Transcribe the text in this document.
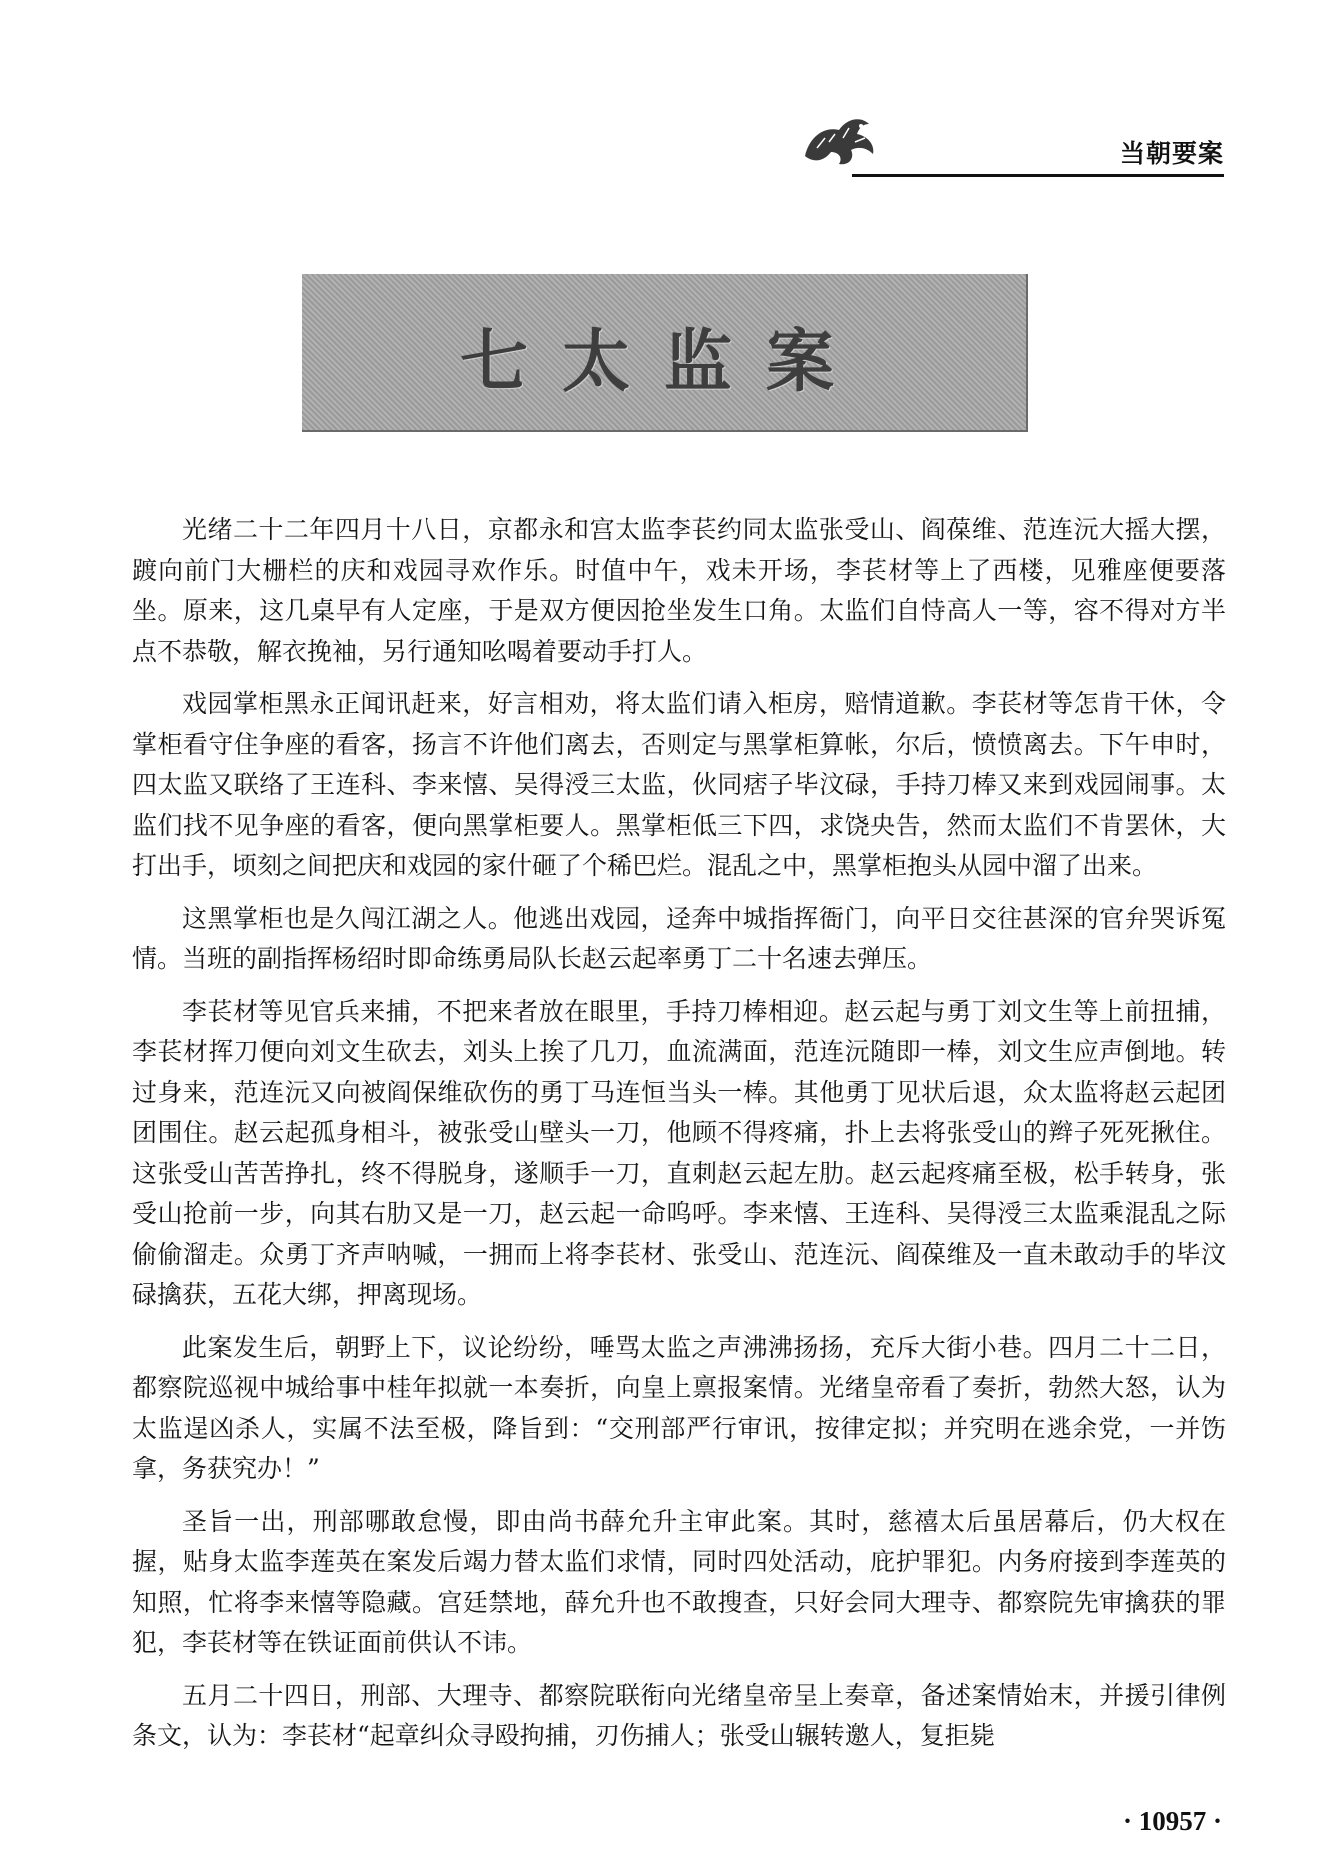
当朝要案
七太监案

光绪二十二年四月十八日，京都永和宫太监李苌约同太监张受山、阎葆维、范连沅大摇大摆，踱向前门大栅栏的庆和戏园寻欢作乐。时值中午，戏未开场，李苌材等上了西楼，见雅座便要落坐。原来，这几桌早有人定座，于是双方便因抢坐发生口角。太监们自恃高人一等，容不得对方半点不恭敬，解衣挽袖，另行通知吆喝着要动手打人。

戏园掌柜黑永正闻讯赶来，好言相劝，将太监们请入柜房，赔情道歉。李苌材等怎肯干休，令掌柜看守住争座的看客，扬言不许他们离去，否则定与黑掌柜算帐，尔后，愤愤离去。下午申时，四太监又联络了王连科、李来憘、吴得涭三太监，伙同痞子毕汶碌，手持刀棒又来到戏园闹事。太监们找不见争座的看客，便向黑掌柜要人。黑掌柜低三下四，求饶央告，然而太监们不肯罢休，大打出手，顷刻之间把庆和戏园的家什砸了个稀巴烂。混乱之中，黑掌柜抱头从园中溜了出来。

这黑掌柜也是久闯江湖之人。他逃出戏园，迳奔中城指挥衙门，向平日交往甚深的官弁哭诉冤情。当班的副指挥杨绍时即命练勇局队长赵云起率勇丁二十名速去弹压。

李苌材等见官兵来捕，不把来者放在眼里，手持刀棒相迎。赵云起与勇丁刘文生等上前扭捕，李苌材挥刀便向刘文生砍去，刘头上挨了几刀，血流满面，范连沅随即一棒，刘文生应声倒地。转过身来，范连沅又向被阎保维砍伤的勇丁马连恒当头一棒。其他勇丁见状后退，众太监将赵云起团团围住。赵云起孤身相斗，被张受山壁头一刀，他顾不得疼痛，扑上去将张受山的辫子死死揪住。这张受山苦苦挣扎，终不得脱身，遂顺手一刀，直刺赵云起左肋。赵云起疼痛至极，松手转身，张受山抢前一步，向其右肋又是一刀，赵云起一命呜呼。李来憘、王连科、吴得涭三太监乘混乱之际偷偷溜走。众勇丁齐声呐喊，一拥而上将李苌材、张受山、范连沅、阎葆维及一直未敢动手的毕汶碌擒获，五花大绑，押离现场。

此案发生后，朝野上下，议论纷纷，唾骂太监之声沸沸扬扬，充斥大街小巷。四月二十二日，都察院巡视中城给事中桂年拟就一本奏折，向皇上禀报案情。光绪皇帝看了奏折，勃然大怒，认为太监逞凶杀人，实属不法至极，降旨到：“交刑部严行审讯，按律定拟；并究明在逃余党，一并饬拿，务获究办！”

圣旨一出，刑部哪敢怠慢，即由尚书薛允升主审此案。其时，慈禧太后虽居幕后，仍大权在握，贴身太监李莲英在案发后竭力替太监们求情，同时四处活动，庇护罪犯。内务府接到李莲英的知照，忙将李来憘等隐藏。宫廷禁地，薛允升也不敢搜查，只好会同大理寺、都察院先审擒获的罪犯，李苌材等在铁证面前供认不讳。

五月二十四日，刑部、大理寺、都察院联衔向光绪皇帝呈上奏章，备述案情始末，并援引律例条文，认为：李苌材“起章纠众寻殴拘捕，刃伤捕人；张受山辗转邀人，复拒毙

· 10957 ·
